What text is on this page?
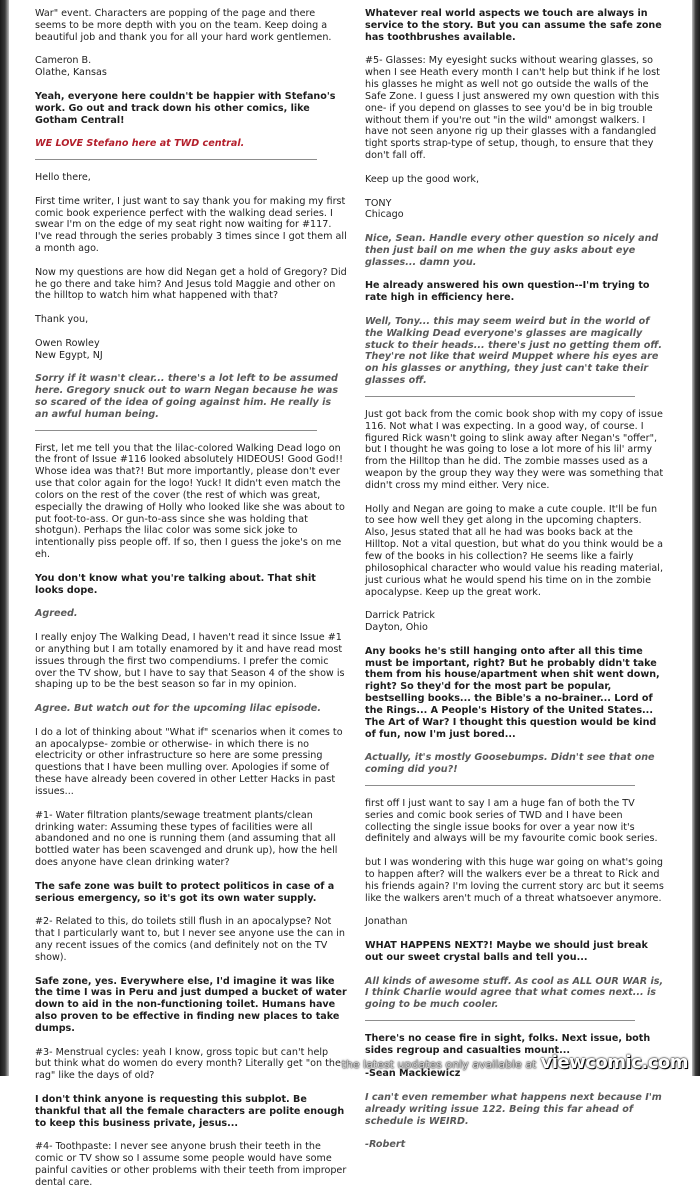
War" event. Characters are popping of the page and there seems to be more depth with you on the team. Keep doing a beautiful job and thank you for all your hard work gentlemen.

Cameron B.
Olathe, Kansas

Yeah, everyone here couldn't be happier with Stefano's work. Go out and track down his other comics, like Gotham Central!

WE LOVE Stefano here at TWD central.

Hello there,

First time writer, I just want to say thank you for making my first comic book experience perfect with the walking dead series. I swear I'm on the edge of my seat right now waiting for #117. I've read through the series probably 3 times since I got them all a month ago.

Now my questions are how did Negan get a hold of Gregory? Did he go there and take him? And Jesus told Maggie and other on the hilltop to watch him what happened with that?

Thank you,

Owen Rowley
New Egypt, NJ

Sorry if it wasn't clear... there's a lot left to be assumed here. Gregory snuck out to warn Negan because he was so scared of the idea of going against him. He really is an awful human being.

First, let me tell you that the lilac-colored Walking Dead logo on the front of Issue #116 looked absolutely HIDEOUS! Good God!! Whose idea was that?! But more importantly, please don't ever use that color again for the logo! Yuck! It didn't even match the colors on the rest of the cover (the rest of which was great, especially the drawing of Holly who looked like she was about to put foot-to-ass. Or gun-to-ass since she was holding that shotgun). Perhaps the lilac color was some sick joke to intentionally piss people off. If so, then I guess the joke's on me eh.

You don't know what you're talking about. That shit looks dope.

Agreed.

I really enjoy The Walking Dead, I haven't read it since Issue #1 or anything but I am totally enamored by it and have read most issues through the first two compendiums. I prefer the comic over the TV show, but I have to say that Season 4 of the show is shaping up to be the best season so far in my opinion.

Agree. But watch out for the upcoming lilac episode.

I do a lot of thinking about "What if" scenarios when it comes to an apocalypse- zombie or otherwise- in which there is no electricity or other infrastructure so here are some pressing questions that I have been mulling over. Apologies if some of these have already been covered in other Letter Hacks in past issues...

#1- Water filtration plants/sewage treatment plants/clean drinking water: Assuming these types of facilities were all abandoned and no one is running them (and assuming that all bottled water has been scavenged and drunk up), how the hell does anyone have clean drinking water?

The safe zone was built to protect politicos in case of a serious emergency, so it's got its own water supply.

#2- Related to this, do toilets still flush in an apocalypse? Not that I particularly want to, but I never see anyone use the can in any recent issues of the comics (and definitely not on the TV show).

Safe zone, yes. Everywhere else, I'd imagine it was like the time I was in Peru and just dumped a bucket of water down to aid in the non-functioning toilet. Humans have also proven to be effective in finding new places to take dumps.

#3- Menstrual cycles: yeah I know, gross topic but can't help but think what do women do every month? Literally get "on the rag" like the days of old?

I don't think anyone is requesting this subplot. Be thankful that all the female characters are polite enough to keep this business private, jesus...

#4- Toothpaste: I never see anyone brush their teeth in the comic or TV show so I assume some people would have some painful cavities or other problems with their teeth from improper dental care.

Whatever real world aspects we touch are always in service to the story. But you can assume the safe zone has toothbrushes available.

#5- Glasses: My eyesight sucks without wearing glasses, so when I see Heath every month I can't help but think if he lost his glasses he might as well not go outside the walls of the Safe Zone. I guess I just answered my own question with this one- if you depend on glasses to see you'd be in big trouble without them if you're out "in the wild" amongst walkers. I have not seen anyone rig up their glasses with a fandangled tight sports strap-type of setup, though, to ensure that they don't fall off.

Keep up the good work,

TONY
Chicago

Nice, Sean. Handle every other question so nicely and then just bail on me when the guy asks about eye glasses... damn you.

He already answered his own question--I'm trying to rate high in efficiency here.

Well, Tony... this may seem weird but in the world of the Walking Dead everyone's glasses are magically stuck to their heads... there's just no getting them off. They're not like that weird Muppet where his eyes are on his glasses or anything, they just can't take their glasses off.

Just got back from the comic book shop with my copy of issue 116. Not what I was expecting. In a good way, of course. I figured Rick wasn't going to slink away after Negan's "offer", but I thought he was going to lose a lot more of his lil' army from the Hilltop than he did. The zombie masses used as a weapon by the group they way they were was something that didn't cross my mind either. Very nice.

Holly and Negan are going to make a cute couple. It'll be fun to see how well they get along in the upcoming chapters. Also, Jesus stated that all he had was books back at the Hilltop. Not a vital question, but what do you think would be a few of the books in his collection? He seems like a fairly philosophical character who would value his reading material, just curious what he would spend his time on in the zombie apocalypse. Keep up the great work.

Darrick Patrick
Dayton, Ohio

Any books he's still hanging onto after all this time must be important, right? But he probably didn't take them from his house/apartment when shit went down, right? So they'd for the most part be popular, bestselling books... the Bible's a no-brainer... Lord of the Rings... A People's History of the United States... The Art of War? I thought this question would be kind of fun, now I'm just bored...

Actually, it's mostly Goosebumps. Didn't see that one coming did you?!

first off I just want to say I am a huge fan of both the TV series and comic book series of TWD and I have been collecting the single issue books for over a year now it's definitely and always will be my favourite comic book series.

but I was wondering with this huge war going on what's going to happen after? will the walkers ever be a threat to Rick and his friends again? I'm loving the current story arc but it seems like the walkers aren't much of a threat whatsoever anymore.

Jonathan

WHAT HAPPENS NEXT?! Maybe we should just break out our sweet crystal balls and tell you...

All kinds of awesome stuff. As cool as ALL OUR WAR is, I think Charlie would agree that what comes next... is going to be much cooler.

There's no cease fire in sight, folks. Next issue, both sides regroup and casualties mount...

-Sean Mackiewicz

I can't even remember what happens next because I'm already writing issue 122. Being this far ahead of schedule is WEIRD.

-Robert

the latest updates only available at viewcomic.com
